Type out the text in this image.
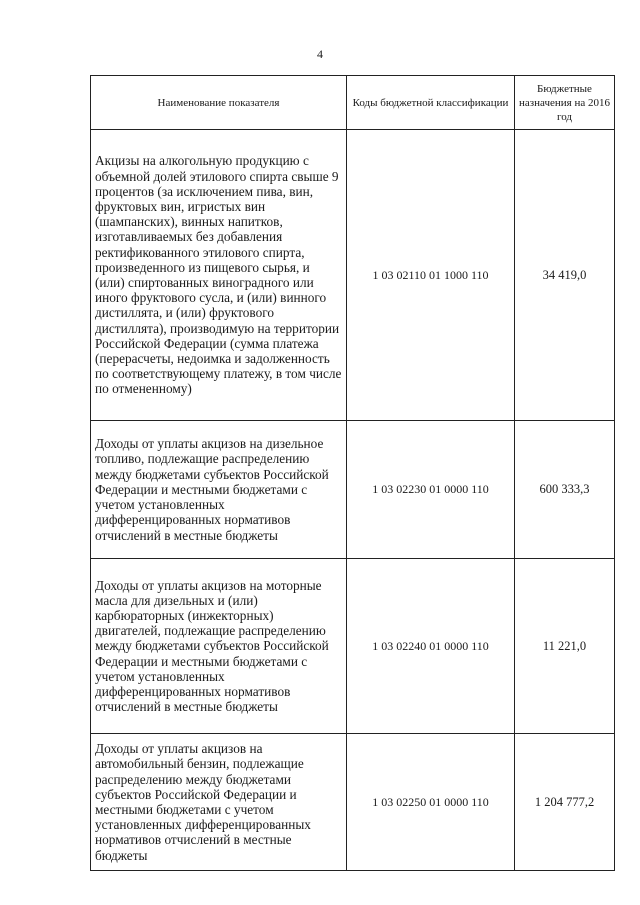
4
Наименование показателя	Коды бюджетной классификации	Бюджетные назначения на 2016 год
Акцизы на алкогольную продукцию с объемной долей этилового спирта свыше 9 процентов (за исключением пива, вин, фруктовых вин, игристых вин (шампанских), винных напитков, изготавливаемых без добавления ректификованного этилового спирта, произведенного из пищевого сырья, и (или) спиртованных виноградного или иного фруктового сусла, и (или) винного дистиллята, и (или) фруктового дистиллята), производимую на территории Российской Федерации (сумма платежа (перерасчеты, недоимка и задолженность по соответствующему платежу, в том числе по отмененному)	1 03 02110 01 1000 110	34 419,0
Доходы от уплаты акцизов на дизельное топливо, подлежащие распределению между бюджетами субъектов Российской Федерации и местными бюджетами с учетом установленных дифференцированных нормативов отчислений в местные бюджеты	1 03 02230 01 0000 110	600 333,3
Доходы от уплаты акцизов на моторные масла для дизельных и (или) карбюраторных (инжекторных) двигателей, подлежащие распределению между бюджетами субъектов Российской Федерации и местными бюджетами с учетом установленных дифференцированных нормативов отчислений в местные бюджеты	1 03 02240 01 0000 110	11 221,0
Доходы от уплаты акцизов на автомобильный бензин, подлежащие распределению между бюджетами субъектов Российской Федерации и местными бюджетами с учетом установленных дифференцированных нормативов отчислений в местные бюджеты	1 03 02250 01 0000 110	1 204 777,2
